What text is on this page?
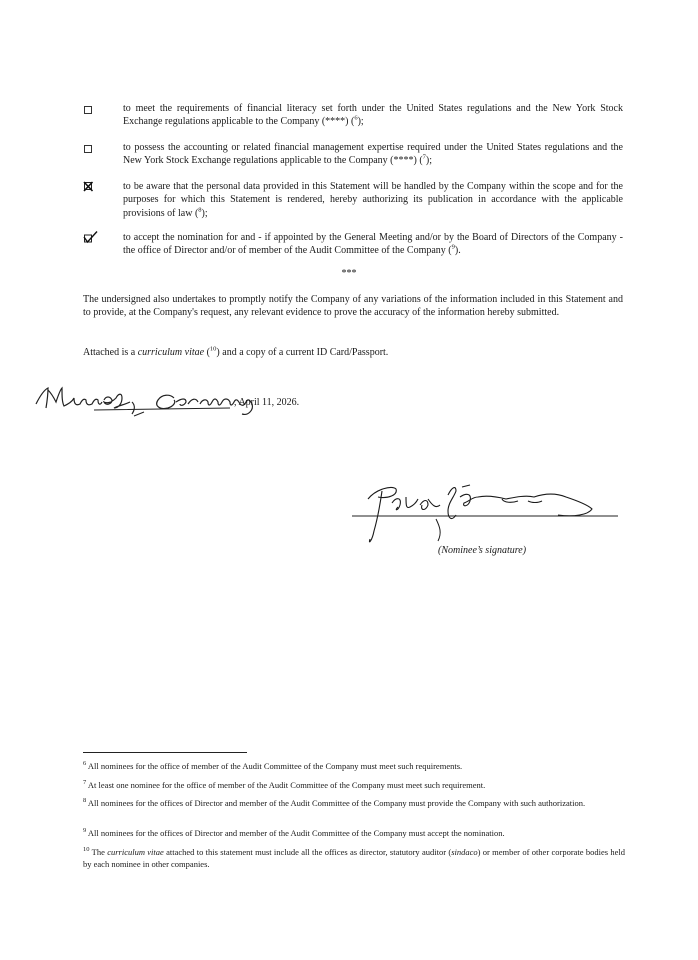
to meet the requirements of financial literacy set forth under the United States regulations and the New York Stock Exchange regulations applicable to the Company (****) ($^6$);
to possess the accounting or related financial management expertise required under the United States regulations and the New York Stock Exchange regulations applicable to the Company (****) ($^7$);
to be aware that the personal data provided in this Statement will be handled by the Company within the scope and for the purposes for which this Statement is rendered, hereby authorizing its publication in accordance with the applicable provisions of law ($^8$);
to accept the nomination for and - if appointed by the General Meeting and/or by the Board of Directors of the Company - the office of Director and/or of member of the Audit Committee of the Company ($^9$).
***
The undersigned also undertakes to promptly notify the Company of any variations of the information included in this Statement and to provide, at the Company's request, any relevant evidence to prove the accuracy of the information hereby submitted.
Attached is a curriculum vitae ($^{10}$) and a copy of a current ID Card/Passport.
Munich, Germany
, April 11, 2026.
(Nominee’s signature)
$^6$ All nominees for the office of member of the Audit Committee of the Company must meet such requirements.
$^7$ At least one nominee for the office of member of the Audit Committee of the Company must meet such requirement.
$^8$ All nominees for the offices of Director and member of the Audit Committee of the Company must provide the Company with such authorization.
$^9$ All nominees for the offices of Director and member of the Audit Committee of the Company must accept the nomination.
$^{10}$ The curriculum vitae attached to this statement must include all the offices as director, statutory auditor (sindaco) or member of other corporate bodies held by each nominee in other companies.
